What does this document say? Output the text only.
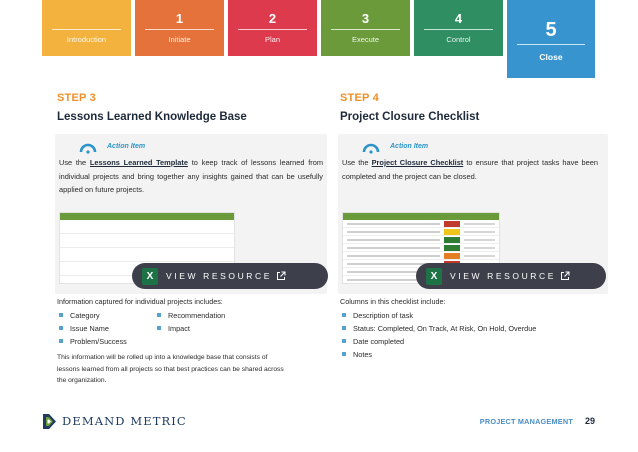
Introduction
1
Initiate
2
Plan
3
Execute
4
Control	5
Close
STEP 3
Lessons Learned Knowledge Base
Action Item

Use the Lessons Learned Template to keep track of lessons learned from individual projects and bring together any insights gained that can be usefully applied on future projects.

X	VIEW RESOURCE
Information captured for individual projects includes:
Category	Recommendation
Issue Name	Impact
Problem/Success

This information will be rolled up into a knowledge base that consists of lessons learned from all projects so that best practices can be shared across the organization.

STEP 4
Project Closure Checklist
Action Item

Use the Project Closure Checklist to ensure that project tasks have been completed and the project can be closed.

X	VIEW RESOURCE
Columns in this checklist include:
Description of task
Status: Completed, On Track, At Risk, On Hold, Overdue
Date completed
Notes
DEMAND METRIC	PROJECT MANAGEMENT 29
